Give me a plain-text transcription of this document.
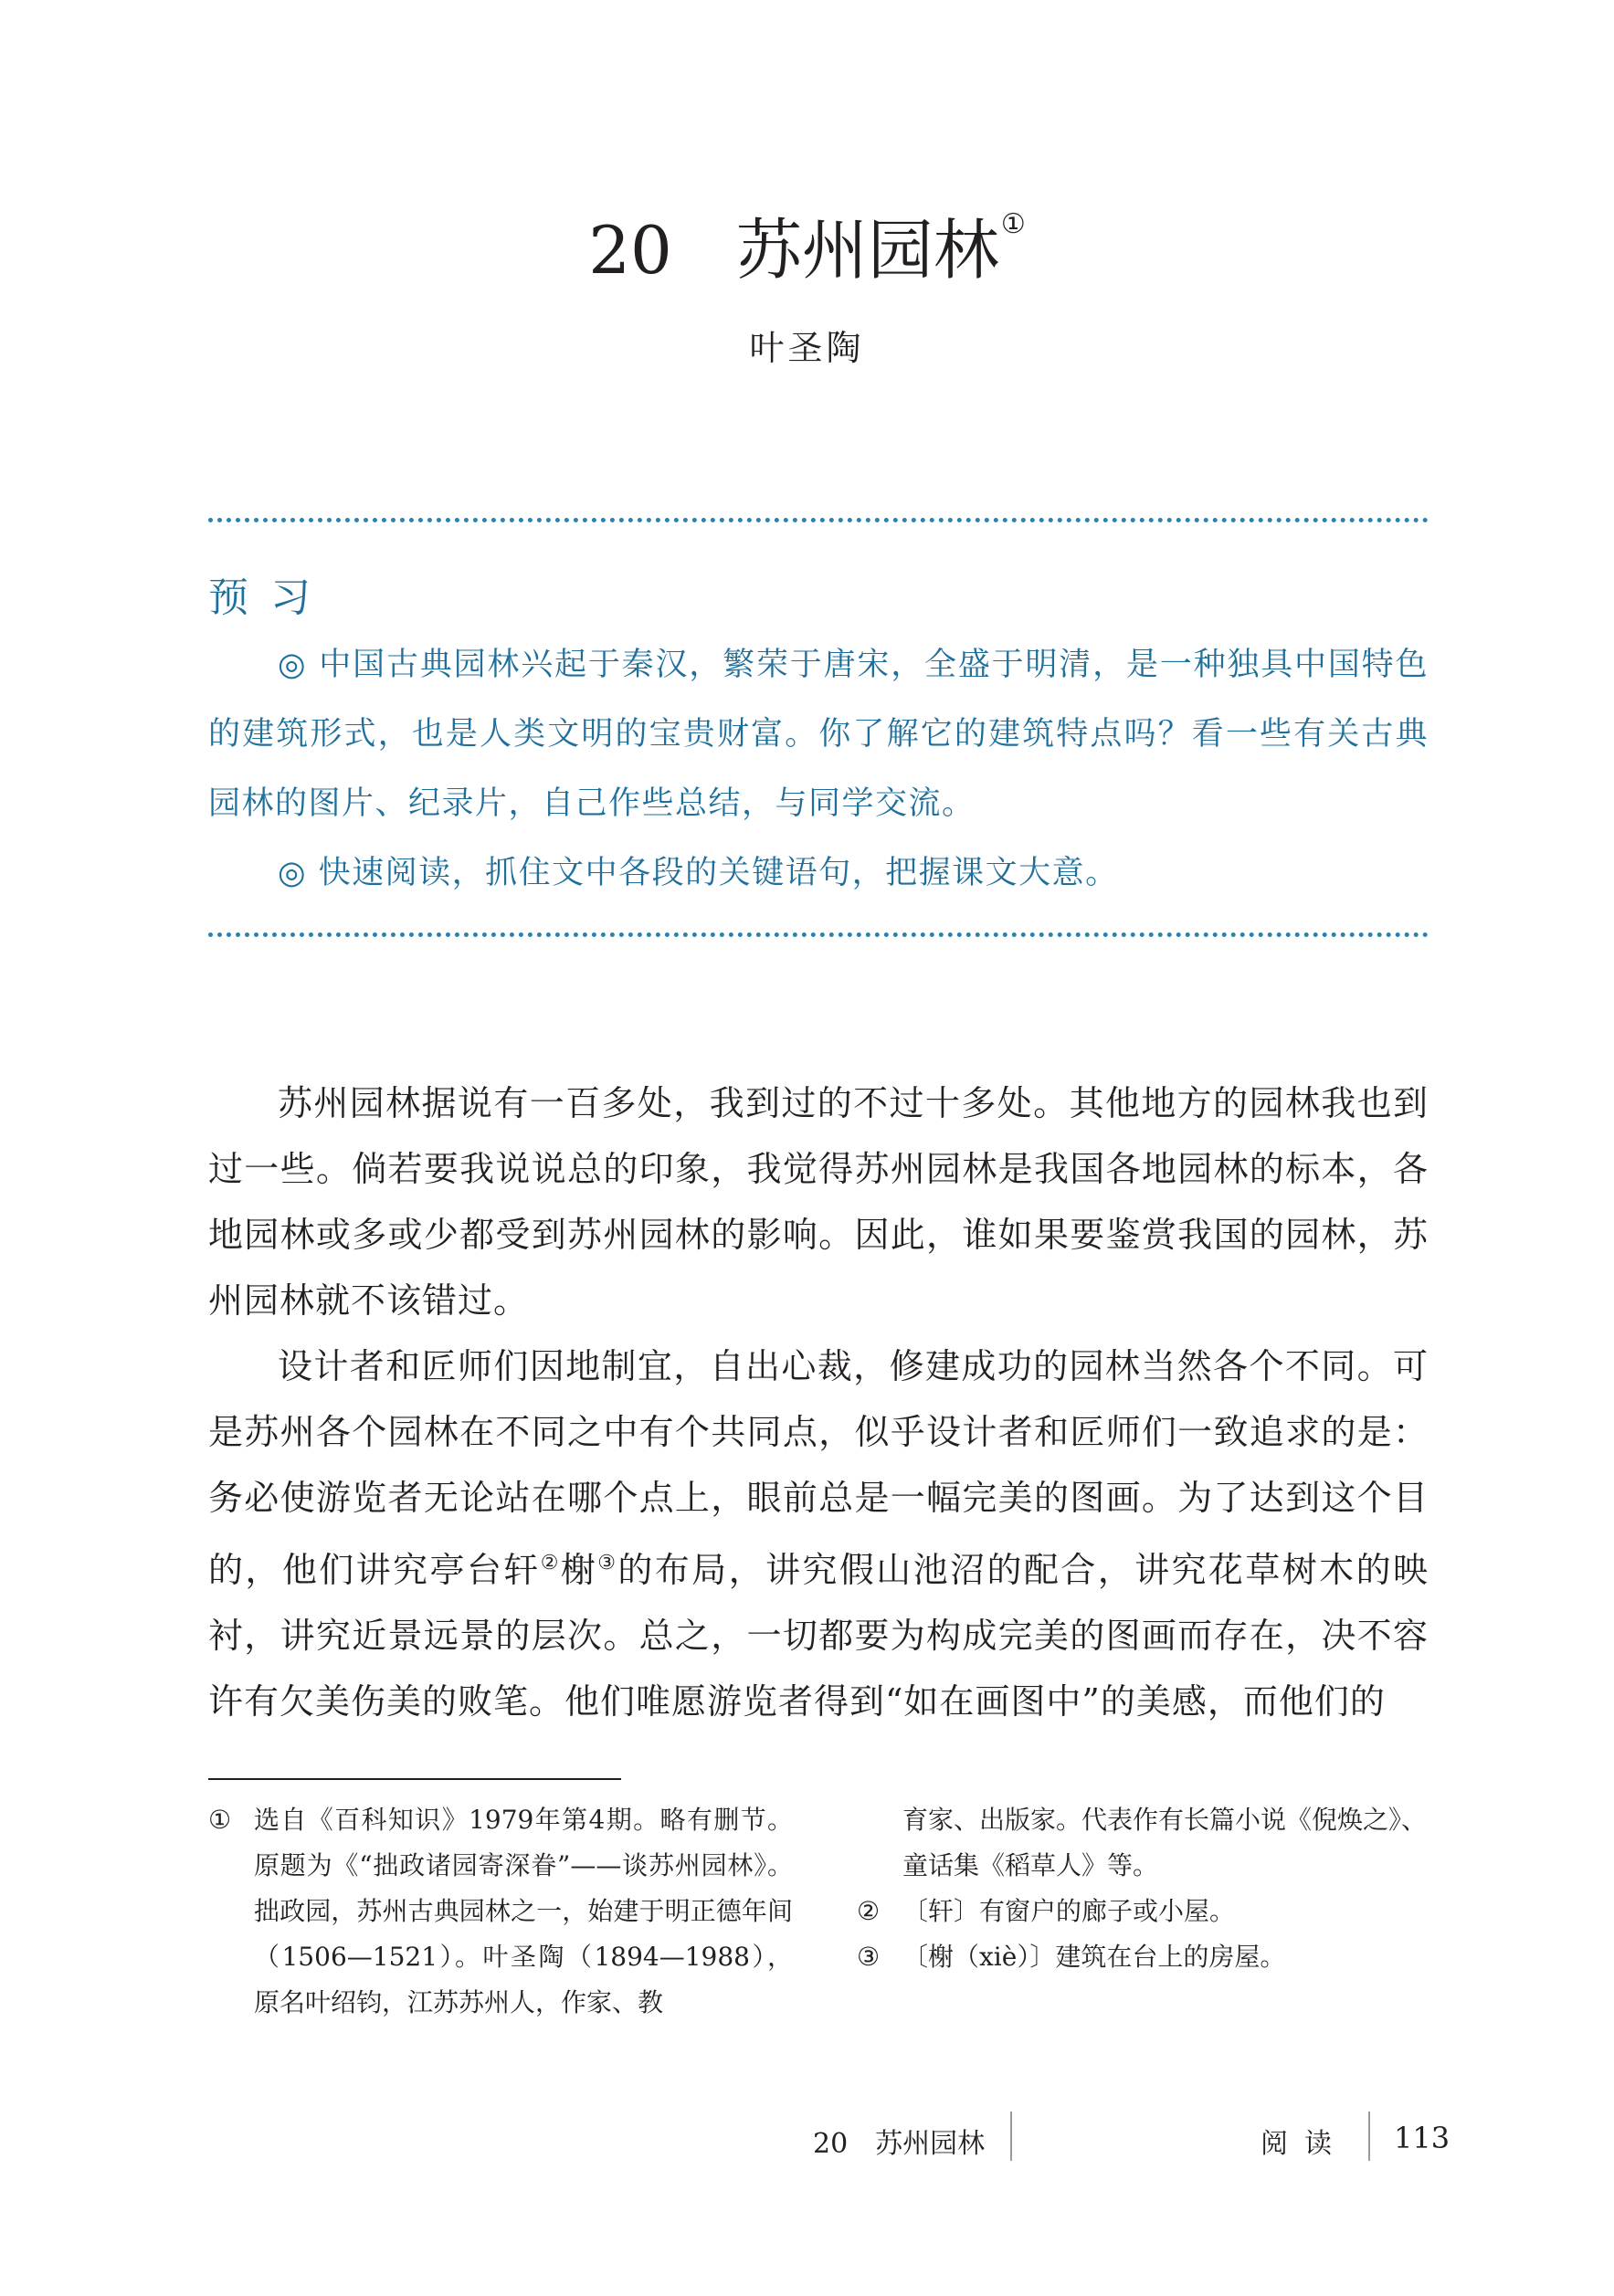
20 苏州园林①
叶圣陶
预习

◎ 中国古典园林兴起于秦汉，繁荣于唐宋，全盛于明清，是一种独具中国特色的建筑形式，也是人类文明的宝贵财富。你了解它的建筑特点吗？看一些有关古典园林的图片、纪录片，自己作些总结，与同学交流。

◎ 快速阅读，抓住文中各段的关键语句，把握课文大意。

苏州园林据说有一百多处，我到过的不过十多处。其他地方的园林我也到过一些。倘若要我说说总的印象，我觉得苏州园林是我国各地园林的标本，各地园林或多或少都受到苏州园林的影响。因此，谁如果要鉴赏我国的园林，苏州园林就不该错过。

设计者和匠师们因地制宜，自出心裁，修建成功的园林当然各个不同。可是苏州各个园林在不同之中有个共同点，似乎设计者和匠师们一致追求的是：务必使游览者无论站在哪个点上，眼前总是一幅完美的图画。为了达到这个目的，他们讲究亭台轩②榭③的布局，讲究假山池沼的配合，讲究花草树木的映衬，讲究近景远景的层次。总之，一切都要为构成完美的图画而存在，决不容许有欠美伤美的败笔。他们唯愿游览者得到“如在画图中”的美感，而他们的

① 选自《百科知识》1979年第4期。略有删节。原题为《“拙政诸园寄深眷”——谈苏州园林》。拙政园，苏州古典园林之一，始建于明正德年间（1506—1521）。叶圣陶（1894—1988），原名叶绍钧，江苏苏州人，作家、教
育家、出版家。代表作有长篇小说《倪焕之》、童话集《稻草人》等。
② 〔轩〕有窗户的廊子或小屋。
③ 〔榭（xiè）〕建筑在台上的房屋。
20　苏州园林	阅读 113
